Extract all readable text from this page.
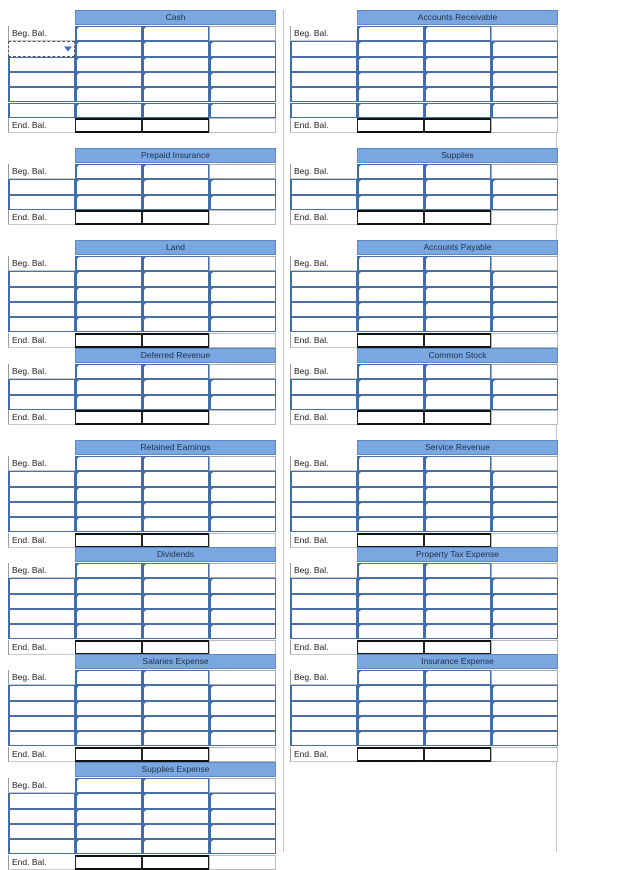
Cash
Beg. Bal.
End. Bal.
Accounts Receivable
Beg. Bal.
End. Bal.
Prepaid Insurance
Beg. Bal.
End. Bal.
Supplies
Beg. Bal.
End. Bal.
Land
Beg. Bal.
End. Bal.
Accounts Payable
Beg. Bal.
End. Bal.
Deferred Revenue
Beg. Bal.
End. Bal.
Common Stock
Beg. Bal.
End. Bal.
Retained Earnings
Beg. Bal.
End. Bal.
Service Revenue
Beg. Bal.
End. Bal.
Dividends
Beg. Bal.
End. Bal.
Property Tax Expense
Beg. Bal.
End. Bal.
Salaries Expense
Beg. Bal.
End. Bal.
Insurance Expense
Beg. Bal.
End. Bal.
Supplies Expense
Beg. Bal.
End. Bal.
